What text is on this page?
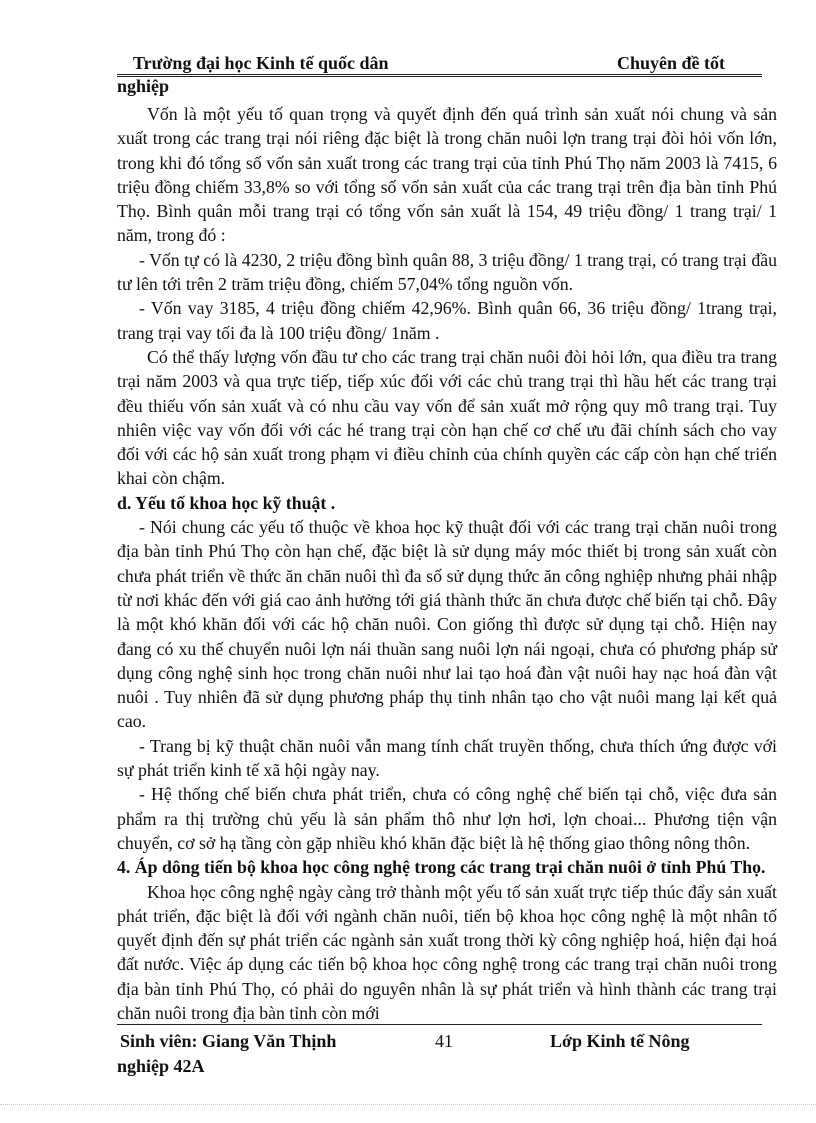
Trường đại học Kinh tế quốc dân	Chuyên đề tốt
nghiệp

Vốn là một yếu tố quan trọng và quyết định đến quá trình sản xuất nói chung và sản xuất trong các trang trại nói riêng đặc biệt là trong chăn nuôi lợn trang trại đòi hỏi vốn lớn, trong khi đó tổng số vốn sản xuất trong các trang trại của tỉnh Phú Thọ năm 2003 là 7415, 6 triệu đồng chiếm 33,8% so với tổng số vốn sản xuất của các trang trại trên địa bàn tỉnh Phú Thọ. Bình quân mỗi trang trại có tổng vốn sản xuất là 154, 49 triệu đồng/ 1 trang trại/ 1 năm, trong đó :

- Vốn tự có là 4230, 2 triệu đồng bình quân 88, 3 triệu đồng/ 1 trang trại, có trang trại đầu tư lên tới trên 2 trăm triệu đồng, chiếm 57,04% tổng nguồn vốn.

- Vốn vay 3185, 4 triệu đồng chiếm 42,96%. Bình quân 66, 36 triệu đồng/ 1trang trại, trang trại vay tối đa là 100 triệu đồng/ 1năm .

Có thể thấy lượng vốn đầu tư cho các trang trại chăn nuôi đòi hỏi lớn, qua điều tra trang trại năm 2003 và qua trực tiếp, tiếp xúc đối với các chủ trang trại thì hầu hết các trang trại đều thiếu vốn sản xuất và có nhu cầu vay vốn để sản xuất mở rộng quy mô trang trại. Tuy nhiên việc vay vốn đối với các hé trang trại còn hạn chế cơ chế ưu đãi chính sách cho vay đối với các hộ sản xuất trong phạm vi điều chỉnh của chính quyền các cấp còn hạn chế triển khai còn chậm.

d. Yếu tố khoa học kỹ thuật .

- Nói chung các yếu tố thuộc về khoa học kỹ thuật đối với các trang trại chăn nuôi trong địa bàn tỉnh Phú Thọ còn hạn chế, đặc biệt là sử dụng máy móc thiết bị trong sản xuất còn chưa phát triển về thức ăn chăn nuôi thì đa số sử dụng thức ăn công nghiệp nhưng phải nhập từ nơi khác đến với giá cao ảnh hưởng tới giá thành thức ăn chưa được chế biến tại chỗ. Đây là một khó khăn đối với các hộ chăn nuôi. Con giống thì được sử dụng tại chỗ. Hiện nay đang có xu thế chuyển nuôi lợn nái thuần sang nuôi lợn nái ngoại, chưa có phương pháp sử dụng công nghệ sinh học trong chăn nuôi như lai tạo hoá đàn vật nuôi hay nạc hoá đàn vật nuôi . Tuy nhiên đã sử dụng phương pháp thụ tinh nhân tạo cho vật nuôi mang lại kết quả cao.

- Trang bị kỹ thuật chăn nuôi vẫn mang tính chất truyền thống, chưa thích ứng được với sự phát triển kinh tế xã hội ngày nay.

- Hệ thống chế biến chưa phát triển, chưa có công nghệ chế biến tại chỗ, việc đưa sản phẩm ra thị trường chủ yếu là sản phẩm thô như lợn hơi, lợn choai... Phương tiện vận chuyển, cơ sở hạ tầng còn gặp nhiều khó khăn đặc biệt là hệ thống giao thông nông thôn.

4. Áp dông tiến bộ khoa học công nghệ trong các trang trại chăn nuôi ở tỉnh Phú Thọ.

Khoa học công nghệ ngày càng trở thành một yếu tố sản xuất trực tiếp thúc đẩy sản xuất phát triển, đặc biệt là đối với ngành chăn nuôi, tiến bộ khoa học công nghệ là một nhân tố quyết định đến sự phát triển các ngành sản xuất trong thời kỳ công nghiệp hoá, hiện đại hoá đất nước. Việc áp dụng các tiến bộ khoa học công nghệ trong các trang trại chăn nuôi trong địa bàn tỉnh Phú Thọ, có phải do nguyên nhân là sự phát triển và hình thành các trang trại chăn nuôi trong địa bàn tỉnh còn mới

Sinh viên: Giang Văn Thịnh	41	Lớp Kinh tế Nông
nghiệp 42A
